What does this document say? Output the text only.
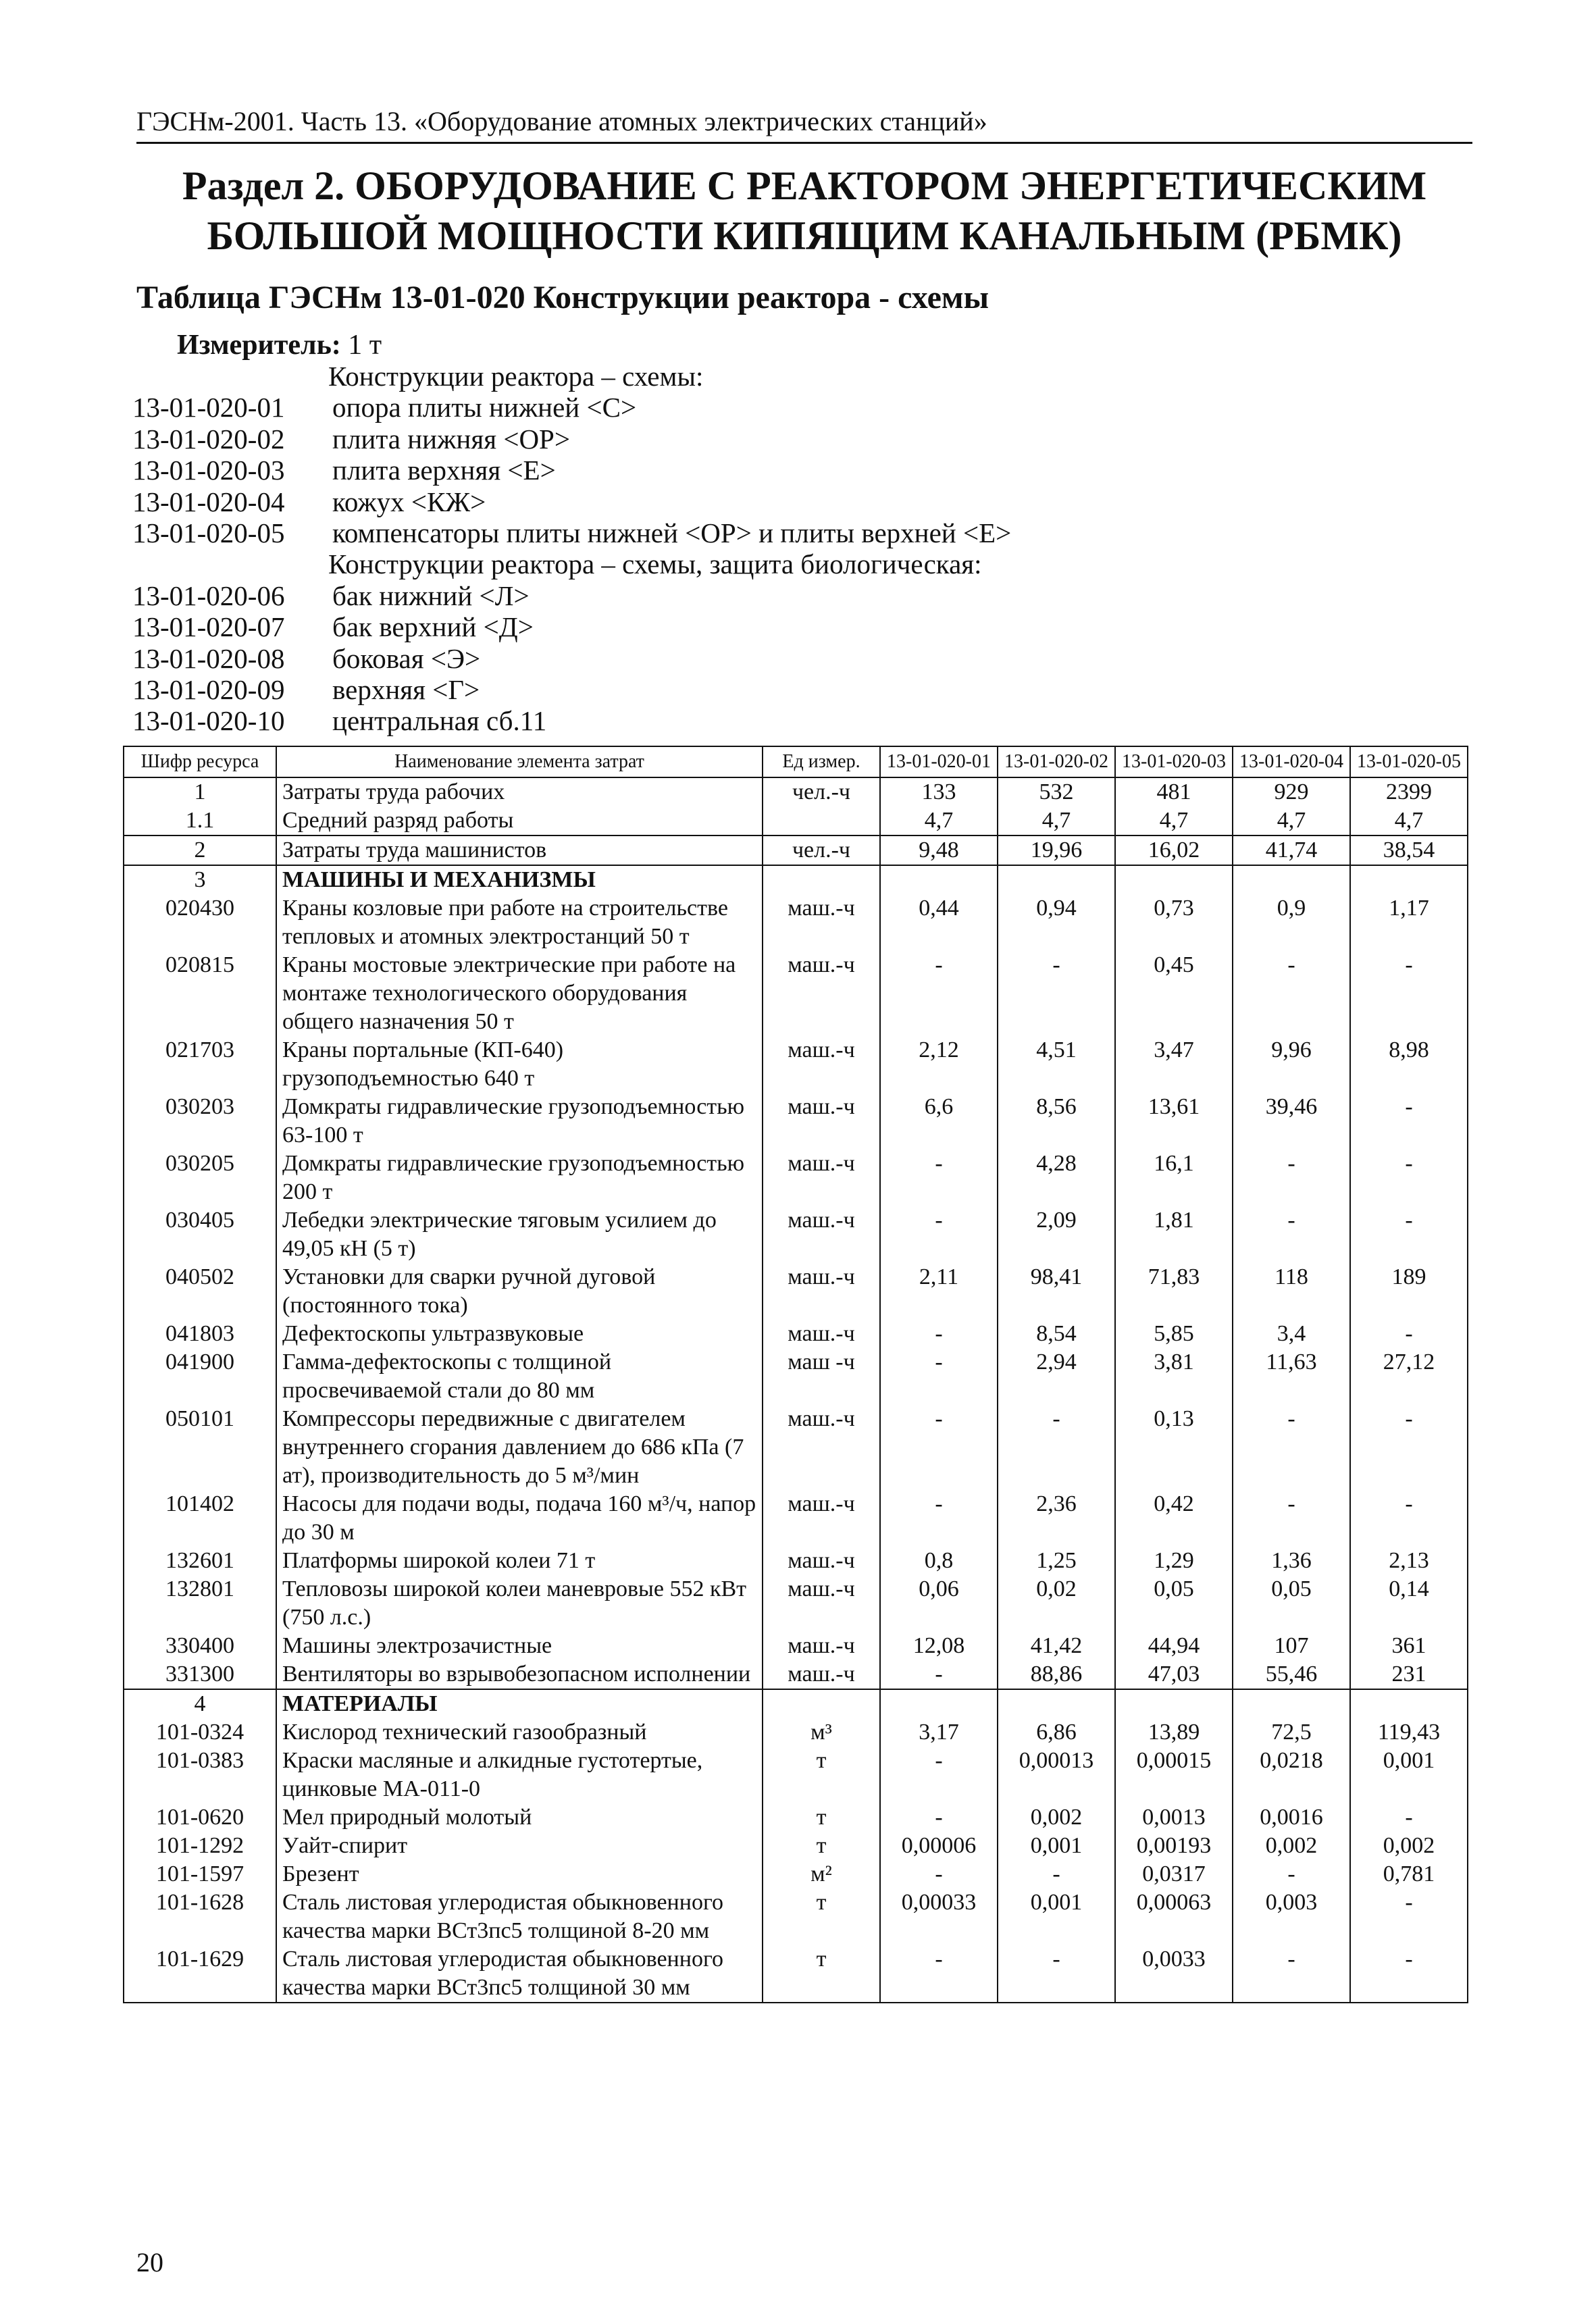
ГЭСНм-2001. Часть 13. «Оборудование атомных электрических станций»
Раздел 2. ОБОРУДОВАНИЕ С РЕАКТОРОМ ЭНЕРГЕТИЧЕСКИМ
БОЛЬШОЙ МОЩНОСТИ КИПЯЩИМ КАНАЛЬНЫМ (РБМК)
Таблица ГЭСНм 13-01-020 Конструкции реактора - схемы
Измеритель: 1 т
Конструкции реактора – схемы:
13-01-020-01	опора плиты нижней <С>
13-01-020-02	плита нижняя <ОР>
13-01-020-03	плита верхняя <Е>
13-01-020-04	кожух <КЖ>
13-01-020-05	компенсаторы плиты нижней <ОР> и плиты верхней <Е>
Конструкции реактора – схемы, защита биологическая:
13-01-020-06	бак нижний <Л>
13-01-020-07	бак верхний <Д>
13-01-020-08	боковая <Э>
13-01-020-09	верхняя <Г>
13-01-020-10	центральная сб.11
Шифр ресурса	Наименование элемента затрат	Ед измер.	13-01-020-01	13-01-020-02	13-01-020-03	13-01-020-04	13-01-020-05
1	Затраты труда рабочих	чел.-ч	133	532	481	929	2399
1.1	Средний разряд работы		4,7	4,7	4,7	4,7	4,7
2	Затраты труда машинистов	чел.-ч	9,48	19,96	16,02	41,74	38,54
3	МАШИНЫ И МЕХАНИЗМЫ						
020430	Краны козловые при работе на строительстве тепловых и атомных электростанций 50 т	маш.-ч	0,44	0,94	0,73	0,9	1,17
020815	Краны мостовые электрические при работе на монтаже технологического оборудования общего назначения 50 т	маш.-ч	-	-	0,45	-	-
021703	Краны портальные (КП-640) грузоподъемностью 640 т	маш.-ч	2,12	4,51	3,47	9,96	8,98
030203	Домкраты гидравлические грузоподъемностью 63-100 т	маш.-ч	6,6	8,56	13,61	39,46	-
030205	Домкраты гидравлические грузоподъемностью 200 т	маш.-ч	-	4,28	16,1	-	-
030405	Лебедки электрические тяговым усилием до 49,05 кН (5 т)	маш.-ч	-	2,09	1,81	-	-
040502	Установки для сварки ручной дуговой (постоянного тока)	маш.-ч	2,11	98,41	71,83	118	189
041803	Дефектоскопы ультразвуковые	маш.-ч	-	8,54	5,85	3,4	-
041900	Гамма-дефектоскопы с толщиной просвечиваемой стали до 80 мм	маш -ч	-	2,94	3,81	11,63	27,12
050101	Компрессоры передвижные с двигателем внутреннего сгорания давлением до 686 кПа (7 ат), производительность до 5 м³/мин	маш.-ч	-	-	0,13	-	-
101402	Насосы для подачи воды, подача 160 м³/ч, напор до 30 м	маш.-ч	-	2,36	0,42	-	-
132601	Платформы широкой колеи 71 т	маш.-ч	0,8	1,25	1,29	1,36	2,13
132801	Тепловозы широкой колеи маневровые 552 кВт (750 л.с.)	маш.-ч	0,06	0,02	0,05	0,05	0,14
330400	Машины электрозачистные	маш.-ч	12,08	41,42	44,94	107	361
331300	Вентиляторы во взрывобезопасном исполнении	маш.-ч	-	88,86	47,03	55,46	231
4	МАТЕРИАЛЫ						
101-0324	Кислород технический газообразный	м³	3,17	6,86	13,89	72,5	119,43
101-0383	Краски масляные и алкидные густотертые, цинковые МА-011-0	т	-	0,00013	0,00015	0,0218	0,001
101-0620	Мел природный молотый	т	-	0,002	0,0013	0,0016	-
101-1292	Уайт-спирит	т	0,00006	0,001	0,00193	0,002	0,002
101-1597	Брезент	м²	-	-	0,0317	-	0,781
101-1628	Сталь листовая углеродистая обыкновенного качества марки ВСт3пс5 толщиной 8-20 мм	т	0,00033	0,001	0,00063	0,003	-
101-1629	Сталь листовая углеродистая обыкновенного качества марки ВСт3пс5 толщиной 30 мм	т	-	-	0,0033	-	-
20
